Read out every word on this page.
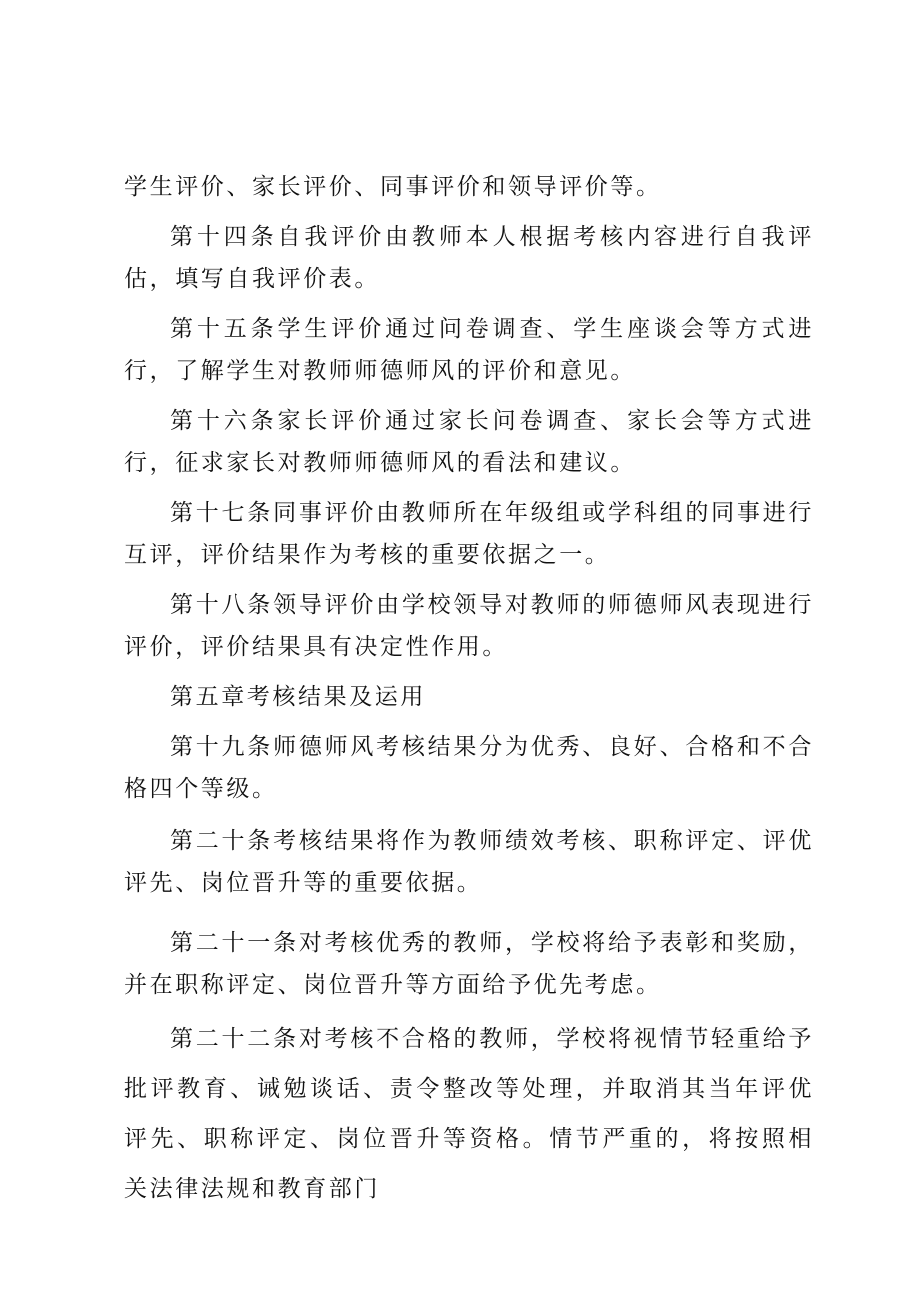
学生评价、家长评价、同事评价和领导评价等。

第十四条自我评价由教师本人根据考核内容进行自我评估，填写自我评价表。

第十五条学生评价通过问卷调查、学生座谈会等方式进行，了解学生对教师师德师风的评价和意见。

第十六条家长评价通过家长问卷调查、家长会等方式进行，征求家长对教师师德师风的看法和建议。

第十七条同事评价由教师所在年级组或学科组的同事进行互评，评价结果作为考核的重要依据之一。

第十八条领导评价由学校领导对教师的师德师风表现进行评价，评价结果具有决定性作用。

第五章考核结果及运用

第十九条师德师风考核结果分为优秀、良好、合格和不合格四个等级。

第二十条考核结果将作为教师绩效考核、职称评定、评优评先、岗位晋升等的重要依据。

第二十一条对考核优秀的教师，学校将给予表彰和奖励，并在职称评定、岗位晋升等方面给予优先考虑。

第二十二条对考核不合格的教师，学校将视情节轻重给予批评教育、诫勉谈话、责令整改等处理，并取消其当年评优评先、职称评定、岗位晋升等资格。情节严重的，将按照相关法律法规和教育部门
